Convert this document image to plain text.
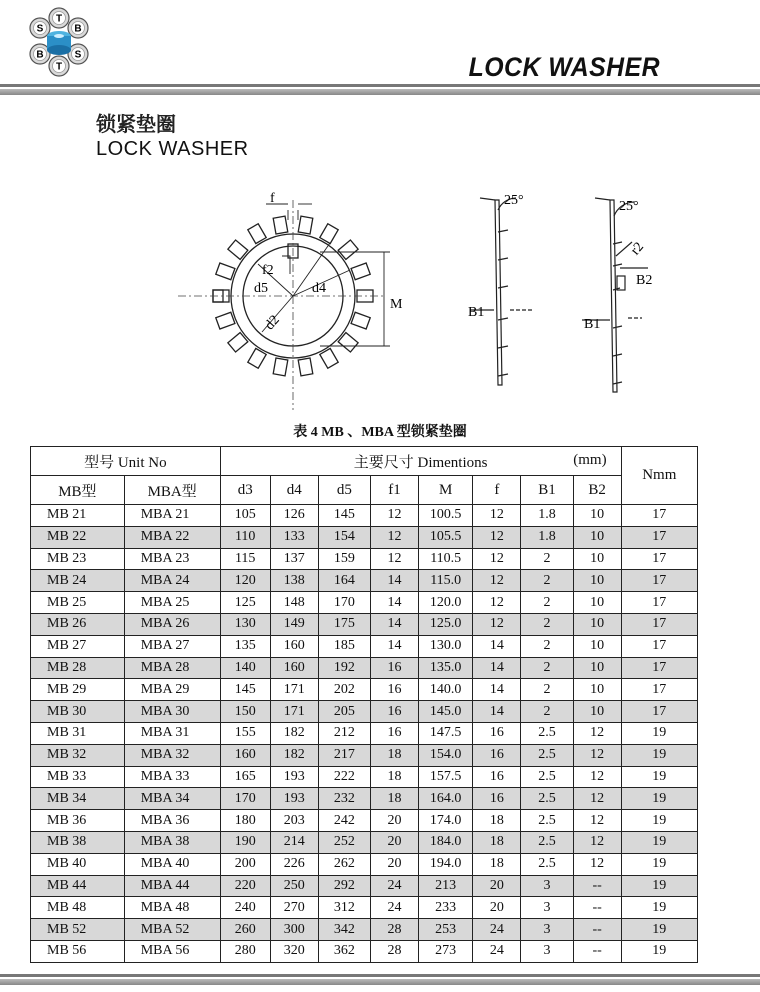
S
T
B
S
T
B	LOCK WASHER
锁紧垫圈
LOCK WASHER
f
f2
d5	d4
d2
M
25°
B1
25°
r2
B2
B1
表 4 MB 、MBA 型锁紧垫圈
型号 Unit No		主要尺寸 Dimentions (mm)								Nmm
MB型	MBA型	d3	d4	d5	f1	M	f	B1	B2	
MB 21	MBA 21	105	126	145	12	100.5	12	1.8	10	17
MB 22	MBA 22	110	133	154	12	105.5	12	1.8	10	17
MB 23	MBA 23	115	137	159	12	110.5	12	2	10	17
MB 24	MBA 24	120	138	164	14	115.0	12	2	10	17
MB 25	MBA 25	125	148	170	14	120.0	12	2	10	17
MB 26	MBA 26	130	149	175	14	125.0	12	2	10	17
MB 27	MBA 27	135	160	185	14	130.0	14	2	10	17
MB 28	MBA 28	140	160	192	16	135.0	14	2	10	17
MB 29	MBA 29	145	171	202	16	140.0	14	2	10	17
MB 30	MBA 30	150	171	205	16	145.0	14	2	10	17
MB 31	MBA 31	155	182	212	16	147.5	16	2.5	12	19
MB 32	MBA 32	160	182	217	18	154.0	16	2.5	12	19
MB 33	MBA 33	165	193	222	18	157.5	16	2.5	12	19
MB 34	MBA 34	170	193	232	18	164.0	16	2.5	12	19
MB 36	MBA 36	180	203	242	20	174.0	18	2.5	12	19
MB 38	MBA 38	190	214	252	20	184.0	18	2.5	12	19
MB 40	MBA 40	200	226	262	20	194.0	18	2.5	12	19
MB 44	MBA 44	220	250	292	24	213	20	3	--	19
MB 48	MBA 48	240	270	312	24	233	20	3	--	19
MB 52	MBA 52	260	300	342	28	253	24	3	--	19
MB 56	MBA 56	280	320	362	28	273	24	3	--	19
